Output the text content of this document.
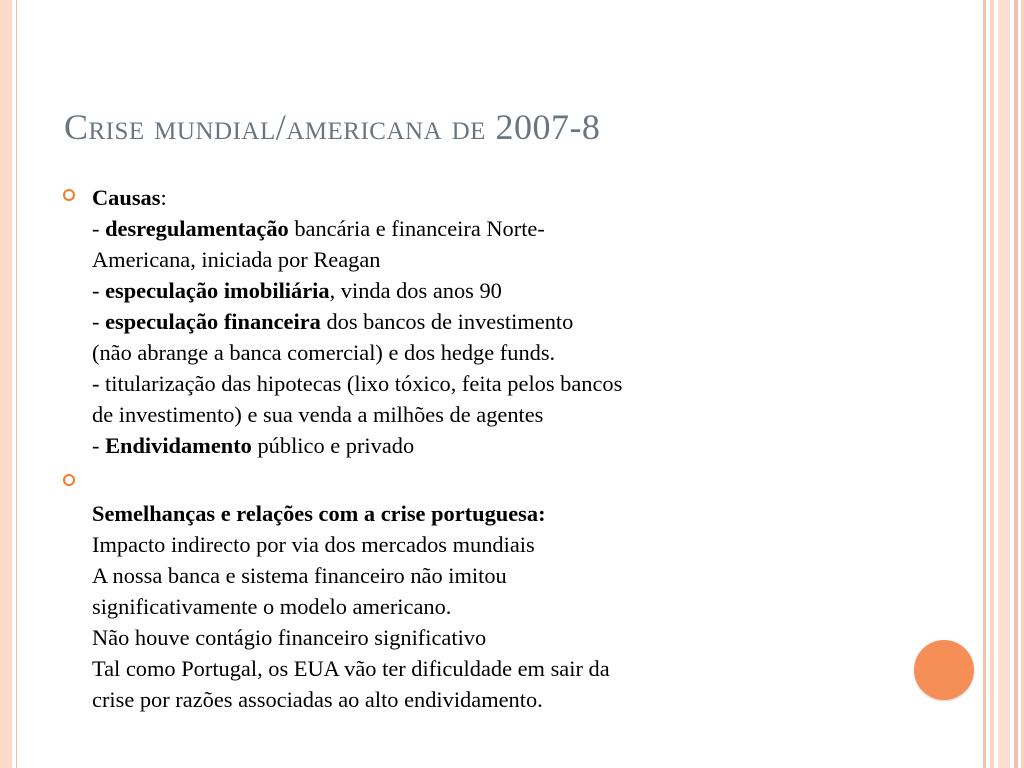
Crise mundial/americana de 2007-8
Causas:
- desregulamentação bancária e financeira Norte-
Americana, iniciada por Reagan
- especulação imobiliária, vinda dos anos 90
- especulação financeira dos bancos de investimento
(não abrange a banca comercial) e dos hedge funds.
- titularização das hipotecas (lixo tóxico, feita pelos bancos
de investimento) e sua venda a milhões de agentes
- Endividamento público e privado

Semelhanças e relações com a crise portuguesa:
Impacto indirecto por via dos mercados mundiais
A nossa banca e sistema financeiro não imitou
significativamente o modelo americano.
Não houve contágio financeiro significativo
Tal como Portugal, os EUA vão ter dificuldade em sair da
crise por razões associadas ao alto endividamento.
